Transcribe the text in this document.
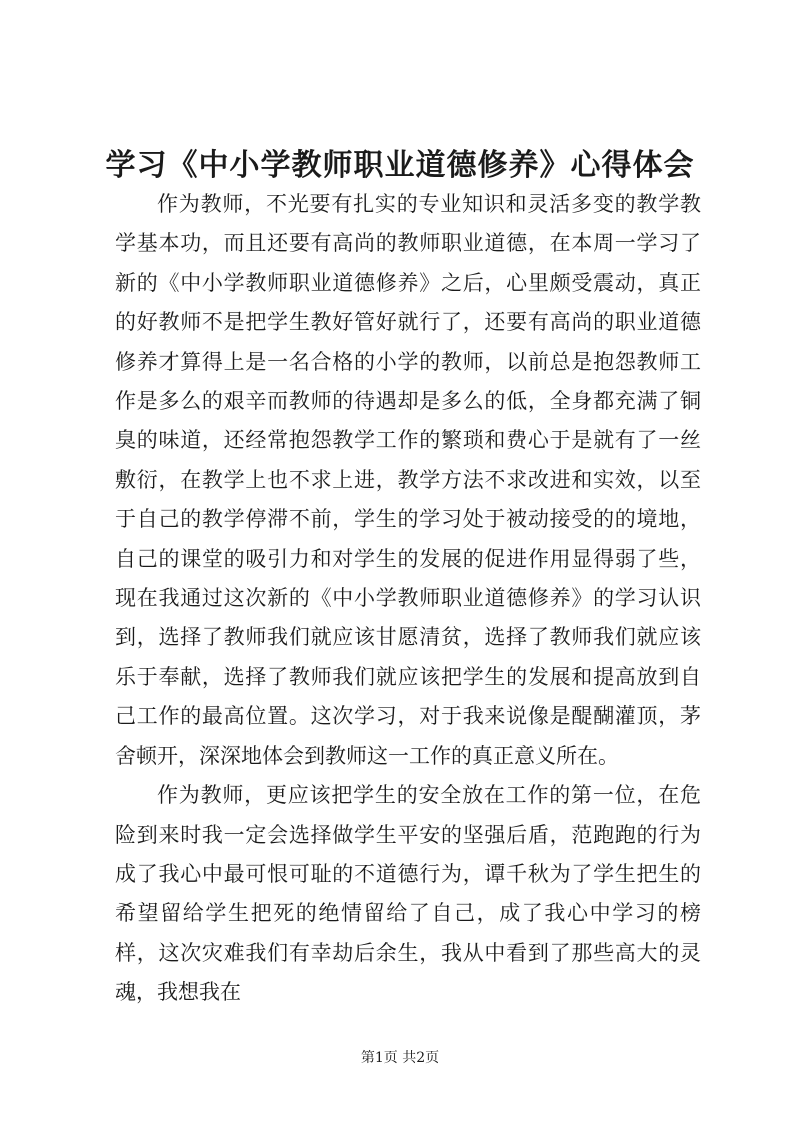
学习《中小学教师职业道德修养》心得体会

作为教师，不光要有扎实的专业知识和灵活多变的教学教学基本功，而且还要有高尚的教师职业道德，在本周一学习了新的《中小学教师职业道德修养》之后，心里颇受震动，真正的好教师不是把学生教好管好就行了，还要有高尚的职业道德修养才算得上是一名合格的小学的教师，以前总是抱怨教师工作是多么的艰辛而教师的待遇却是多么的低，全身都充满了铜臭的味道，还经常抱怨教学工作的繁琐和费心于是就有了一丝敷衍，在教学上也不求上进，教学方法不求改进和实效，以至于自己的教学停滞不前，学生的学习处于被动接受的的境地，自己的课堂的吸引力和对学生的发展的促进作用显得弱了些，现在我通过这次新的《中小学教师职业道德修养》的学习认识到，选择了教师我们就应该甘愿清贫，选择了教师我们就应该乐于奉献，选择了教师我们就应该把学生的发展和提高放到自己工作的最高位置。这次学习，对于我来说像是醍醐灌顶，茅舍顿开，深深地体会到教师这一工作的真正意义所在。

作为教师，更应该把学生的安全放在工作的第一位，在危险到来时我一定会选择做学生平安的坚强后盾，范跑跑的行为成了我心中最可恨可耻的不道德行为，谭千秋为了学生把生的希望留给学生把死的绝情留给了自己，成了我心中学习的榜样，这次灾难我们有幸劫后余生，我从中看到了那些高大的灵魂，我想我在

第1页 共2页
